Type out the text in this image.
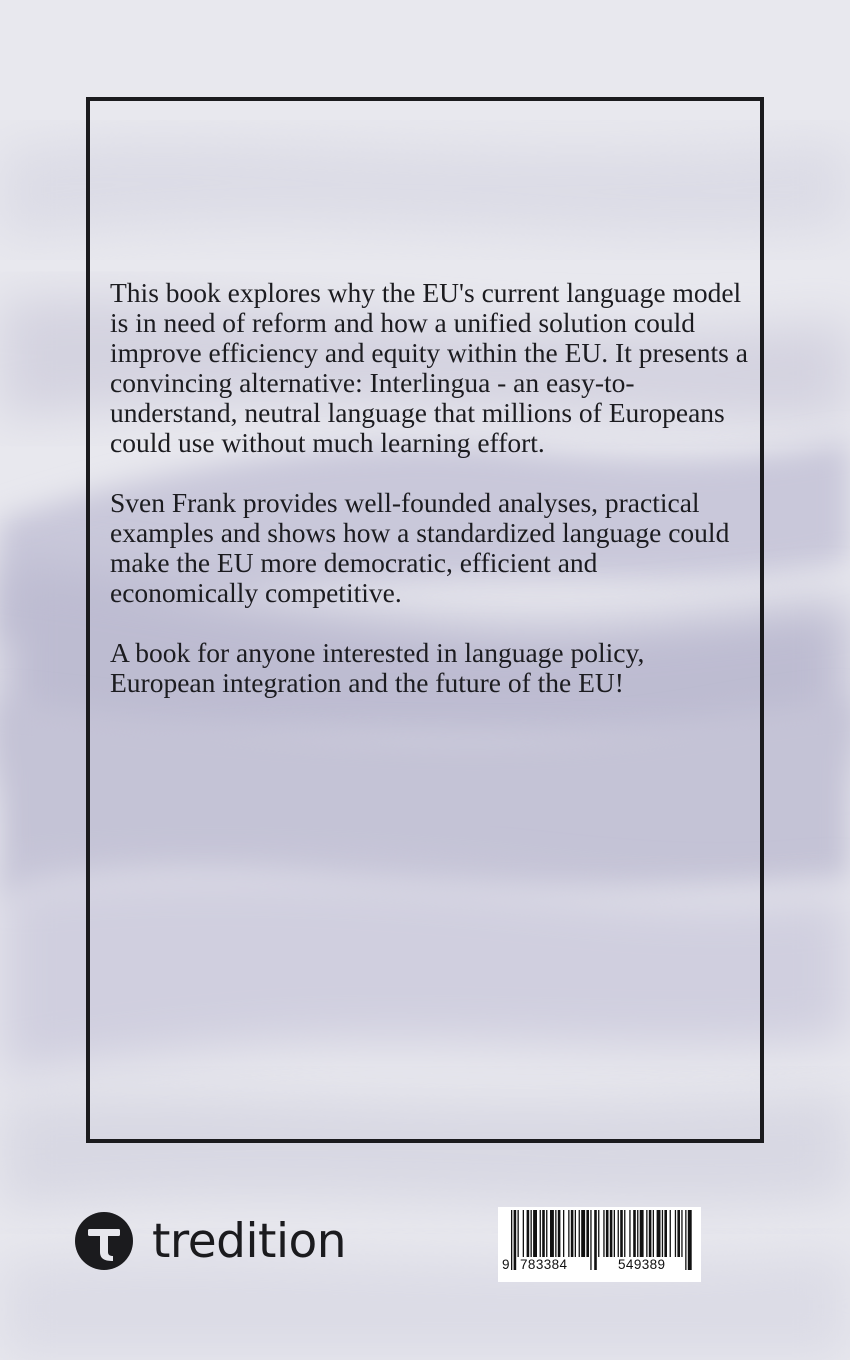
This book explores why the EU's current language model is in need of reform and how a unified solution could improve efficiency and equity within the EU. It presents a convincing alternative: Interlingua - an easy-to-understand, neutral language that millions of Europeans could use without much learning effort.

Sven Frank provides well-founded analyses, practical examples and shows how a standardized language could make the EU more democratic, efficient and economically competitive.

A book for anyone interested in language policy, European integration and the future of the EU!

tredition	9 783384	549389
